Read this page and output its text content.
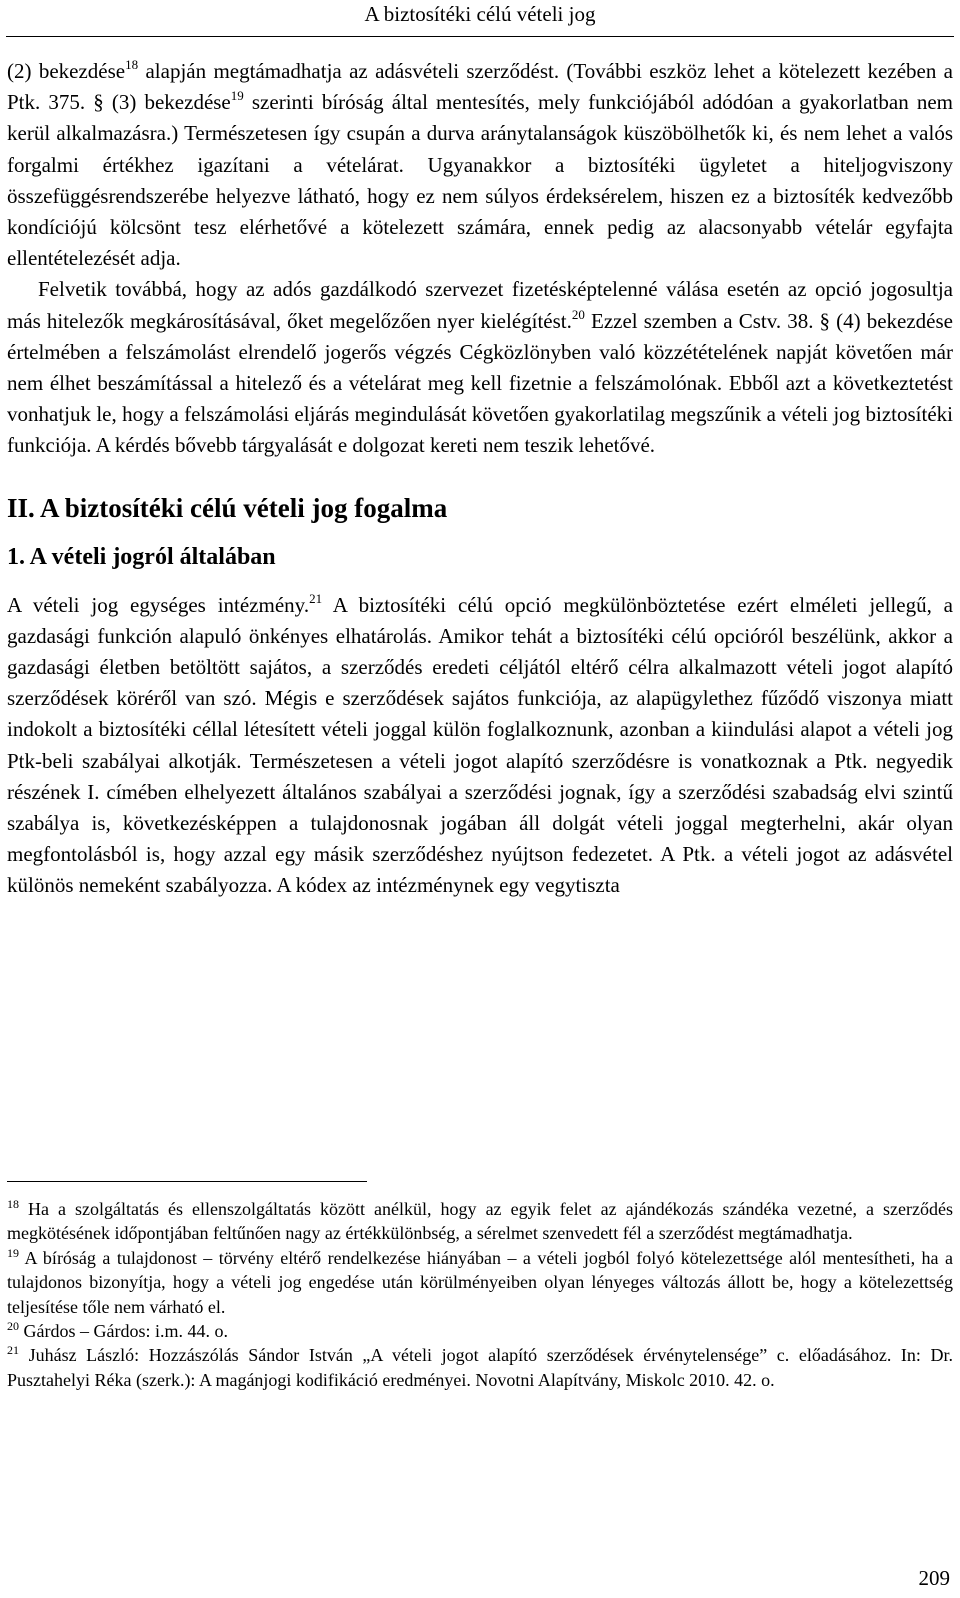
A biztosítéki célú vételi jog

(2) bekezdése$^{18}$ alapján megtámadhatja az adásvételi szerződést. (További eszköz lehet a kötelezett kezében a Ptk. 375. § (3) bekezdése$^{19}$ szerinti bíróság által mentesítés, mely funkciójából adódóan a gyakorlatban nem kerül alkalmazásra.) Természetesen így csupán a durva aránytalanságok küszöbölhetők ki, és nem lehet a valós forgalmi értékhez igazítani a vételárat. Ugyanakkor a biztosítéki ügyletet a hiteljogviszony összefüggésrendszerébe helyezve látható, hogy ez nem súlyos érdeksérelem, hiszen ez a biztosíték kedvezőbb kondíciójú kölcsönt tesz elérhetővé a kötelezett számára, ennek pedig az alacsonyabb vételár egyfajta ellentételezését adja.

Felvetik továbbá, hogy az adós gazdálkodó szervezet fizetésképtelenné válása esetén az opció jogosultja más hitelezők megkárosításával, őket megelőzően nyer kielégítést.$^{20}$ Ezzel szemben a Cstv. 38. § (4) bekezdése értelmében a felszámolást elrendelő jogerős végzés Cégközlönyben való közzétételének napját követően már nem élhet beszámítással a hitelező és a vételárat meg kell fizetnie a felszámolónak. Ebből azt a következtetést vonhatjuk le, hogy a felszámolási eljárás megindulását követően gyakorlatilag megszűnik a vételi jog biztosítéki funkciója. A kérdés bővebb tárgyalását e dolgozat kereti nem teszik lehetővé.

II. A biztosítéki célú vételi jog fogalma
1. A vételi jogról általában

A vételi jog egységes intézmény.$^{21}$ A biztosítéki célú opció megkülönböztetése ezért elméleti jellegű, a gazdasági funkción alapuló önkényes elhatárolás. Amikor tehát a biztosítéki célú opcióról beszélünk, akkor a gazdasági életben betöltött sajátos, a szerződés eredeti céljától eltérő célra alkalmazott vételi jogot alapító szerződések köréről van szó. Mégis e szerződések sajátos funkciója, az alapügylethez fűződő viszonya miatt indokolt a biztosítéki céllal létesített vételi joggal külön foglalkoznunk, azonban a kiindulási alapot a vételi jog Ptk-beli szabályai alkotják. Természetesen a vételi jogot alapító szerződésre is vonatkoznak a Ptk. negyedik részének I. címében elhelyezett általános szabályai a szerződési jognak, így a szerződési szabadság elvi szintű szabálya is, következésképpen a tulajdonosnak jogában áll dolgát vételi joggal megterhelni, akár olyan megfontolásból is, hogy azzal egy másik szerződéshez nyújtson fedezetet. A Ptk. a vételi jogot az adásvétel különös nemeként szabályozza. A kódex az intézménynek egy vegytiszta

$^{18}$ Ha a szolgáltatás és ellenszolgáltatás között anélkül, hogy az egyik felet az ajándékozás szándéka vezetné, a szerződés megkötésének időpontjában feltűnően nagy az értékkülönbség, a sérelmet szenvedett fél a szerződést megtámadhatja.

$^{19}$ A bíróság a tulajdonost – törvény eltérő rendelkezése hiányában – a vételi jogból folyó kötelezettsége alól mentesítheti, ha a tulajdonos bizonyítja, hogy a vételi jog engedése után körülményeiben olyan lényeges változás állott be, hogy a kötelezettség teljesítése tőle nem várható el.

$^{20}$ Gárdos – Gárdos: i.m. 44. o.

$^{21}$ Juhász László: Hozzászólás Sándor István „A vételi jogot alapító szerződések érvénytelensége” c. előadásához. In: Dr. Pusztahelyi Réka (szerk.): A magánjogi kodifikáció eredményei. Novotni Alapítvány, Miskolc 2010. 42. o.

209
